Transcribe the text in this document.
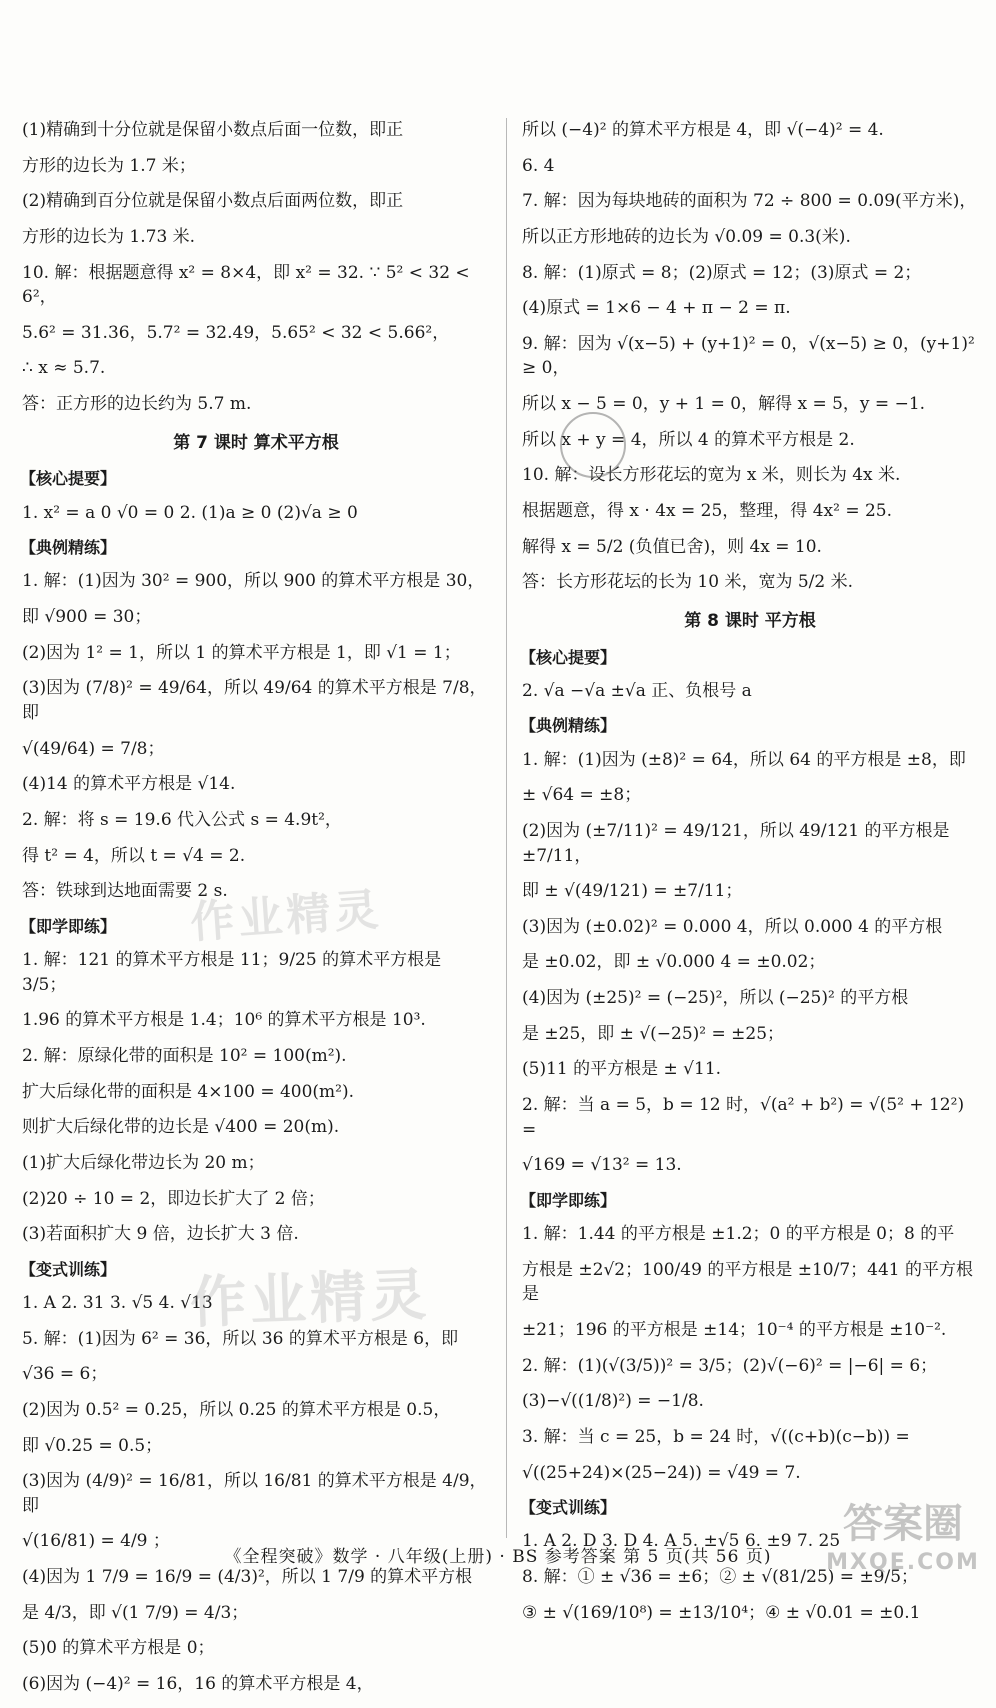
(1)精确到十分位就是保留小数点后面一位数，即正
方形的边长为 1.7 米；
(2)精确到百分位就是保留小数点后面两位数，即正
方形的边长为 1.73 米.
10. 解：根据题意得 x² = 8×4，即 x² = 32. ∵ 5² < 32 < 6²，
5.6² = 31.36，5.7² = 32.49，5.65² < 32 < 5.66²，
∴ x ≈ 5.7.
答：正方形的边长约为 5.7 m.
第 7 课时 算术平方根
【核心提要】
1. x² = a 0 √0 = 0 2. (1)a ≥ 0 (2)√a ≥ 0
【典例精练】
1. 解：(1)因为 30² = 900，所以 900 的算术平方根是 30，
即 √900 = 30；
(2)因为 1² = 1，所以 1 的算术平方根是 1，即 √1 = 1；
(3)因为 (7/8)² = 49/64，所以 49/64 的算术平方根是 7/8，即
√(49/64) = 7/8；
(4)14 的算术平方根是 √14.
2. 解：将 s = 19.6 代入公式 s = 4.9t²，
得 t² = 4，所以 t = √4 = 2.
答：铁球到达地面需要 2 s.
【即学即练】
1. 解：121 的算术平方根是 11；9/25 的算术平方根是 3/5；
1.96 的算术平方根是 1.4；10⁶ 的算术平方根是 10³.
2. 解：原绿化带的面积是 10² = 100(m²).
扩大后绿化带的面积是 4×100 = 400(m²).
则扩大后绿化带的边长是 √400 = 20(m).
(1)扩大后绿化带边长为 20 m；
(2)20 ÷ 10 = 2，即边长扩大了 2 倍；
(3)若面积扩大 9 倍，边长扩大 3 倍.
【变式训练】
1. A 2. 31 3. √5 4. √13
5. 解：(1)因为 6² = 36，所以 36 的算术平方根是 6，即
√36 = 6；
(2)因为 0.5² = 0.25，所以 0.25 的算术平方根是 0.5，
即 √0.25 = 0.5；
(3)因为 (4/9)² = 16/81，所以 16/81 的算术平方根是 4/9，即
√(16/81) = 4/9 ；
(4)因为 1 7/9 = 16/9 = (4/3)²，所以 1 7/9 的算术平方根
是 4/3，即 √(1 7/9) = 4/3；
(5)0 的算术平方根是 0；
(6)因为 (−4)² = 16，16 的算术平方根是 4，
所以 (−4)² 的算术平方根是 4，即 √(−4)² = 4.
6. 4
7. 解：因为每块地砖的面积为 72 ÷ 800 = 0.09(平方米)，
所以正方形地砖的边长为 √0.09 = 0.3(米).
8. 解：(1)原式 = 8；(2)原式 = 12；(3)原式 = 2；
(4)原式 = 1×6 − 4 + π − 2 = π.
9. 解：因为 √(x−5) + (y+1)² = 0，√(x−5) ≥ 0，(y+1)² ≥ 0，
所以 x − 5 = 0，y + 1 = 0，解得 x = 5，y = −1.
所以 x + y = 4，所以 4 的算术平方根是 2.
10. 解：设长方形花坛的宽为 x 米，则长为 4x 米.
根据题意，得 x · 4x = 25，整理，得 4x² = 25.
解得 x = 5/2 (负值已舍)，则 4x = 10.
答：长方形花坛的长为 10 米，宽为 5/2 米.
第 8 课时 平方根
【核心提要】
2. √a −√a ±√a 正、负根号 a
【典例精练】
1. 解：(1)因为 (±8)² = 64，所以 64 的平方根是 ±8，即
± √64 = ±8；
(2)因为 (±7/11)² = 49/121，所以 49/121 的平方根是 ±7/11，
即 ± √(49/121) = ±7/11；
(3)因为 (±0.02)² = 0.000 4，所以 0.000 4 的平方根
是 ±0.02，即 ± √0.000 4 = ±0.02；
(4)因为 (±25)² = (−25)²，所以 (−25)² 的平方根
是 ±25，即 ± √(−25)² = ±25；
(5)11 的平方根是 ± √11.
2. 解：当 a = 5，b = 12 时，√(a² + b²) = √(5² + 12²) =
√169 = √13² = 13.
【即学即练】
1. 解：1.44 的平方根是 ±1.2；0 的平方根是 0；8 的平
方根是 ±2√2；100/49 的平方根是 ±10/7；441 的平方根是
±21；196 的平方根是 ±14；10⁻⁴ 的平方根是 ±10⁻².
2. 解：(1)(√(3/5))² = 3/5；(2)√(−6)² = |−6| = 6；
(3)−√((1/8)²) = −1/8.
3. 解：当 c = 25，b = 24 时，√((c+b)(c−b)) =
√((25+24)×(25−24)) = √49 = 7.
【变式训练】
1. A 2. D 3. D 4. A 5. ±√5 6. ±9 7. 25
8. 解：① ± √36 = ±6；② ± √(81/25) = ±9/5；
③ ± √(169/10⁸) = ±13/10⁴；④ ± √0.01 = ±0.1
作业精灵
作业精灵
《全程突破》数学 · 八年级(上册) · BS 参考答案 第 5 页(共 56 页)
答案圈
MXQE.COM
